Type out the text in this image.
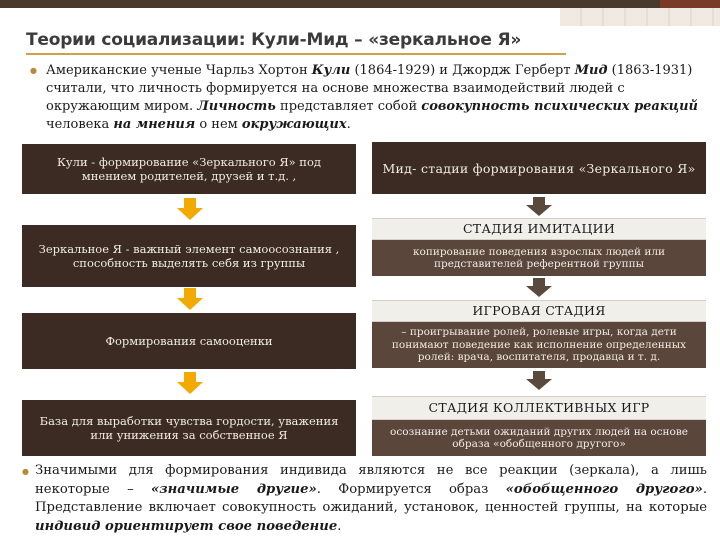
Теории социализации: Кули-Мид – «зеркальное Я»
● Американские ученые Чарльз Хортон Кули (1864-1929) и Джордж Герберт Мид (1863-1931) считали, что личность формируется на основе множества взаимодействий людей с окружающим миром. Личность представляет собой совокупность психических реакций человека на мнения о нем окружающих.

Кули - формирование «Зеркального Я» под мнением родителей, друзей и т.д. ,
Зеркальное Я - важный элемент самоосознания , способность выделять себя из группы
Формирования самооценки
База для выработки чувства гордости, уважения или унижения за собственное Я
Мид- стадии формирования «Зеркального Я»
СТАДИЯ ИМИТАЦИИ
копирование поведения взрослых людей или представителей референтной группы
ИГРОВАЯ СТАДИЯ
– проигрывание ролей, ролевые игры, когда дети понимают поведение как исполнение определенных ролей: врача, воспитателя, продавца и т. д.
СТАДИЯ КОЛЛЕКТИВНЫХ ИГР
осознание детьми ожиданий других людей на основе образа «обобщенного другого»
● Значимыми для формирования индивида являются не все реакции (зеркала), а лишь некоторые – «значимые другие». Формируется образ «обобщенного другого». Представление включает совокупность ожиданий, установок, ценностей группы, на которые индивид ориентирует свое поведение.
